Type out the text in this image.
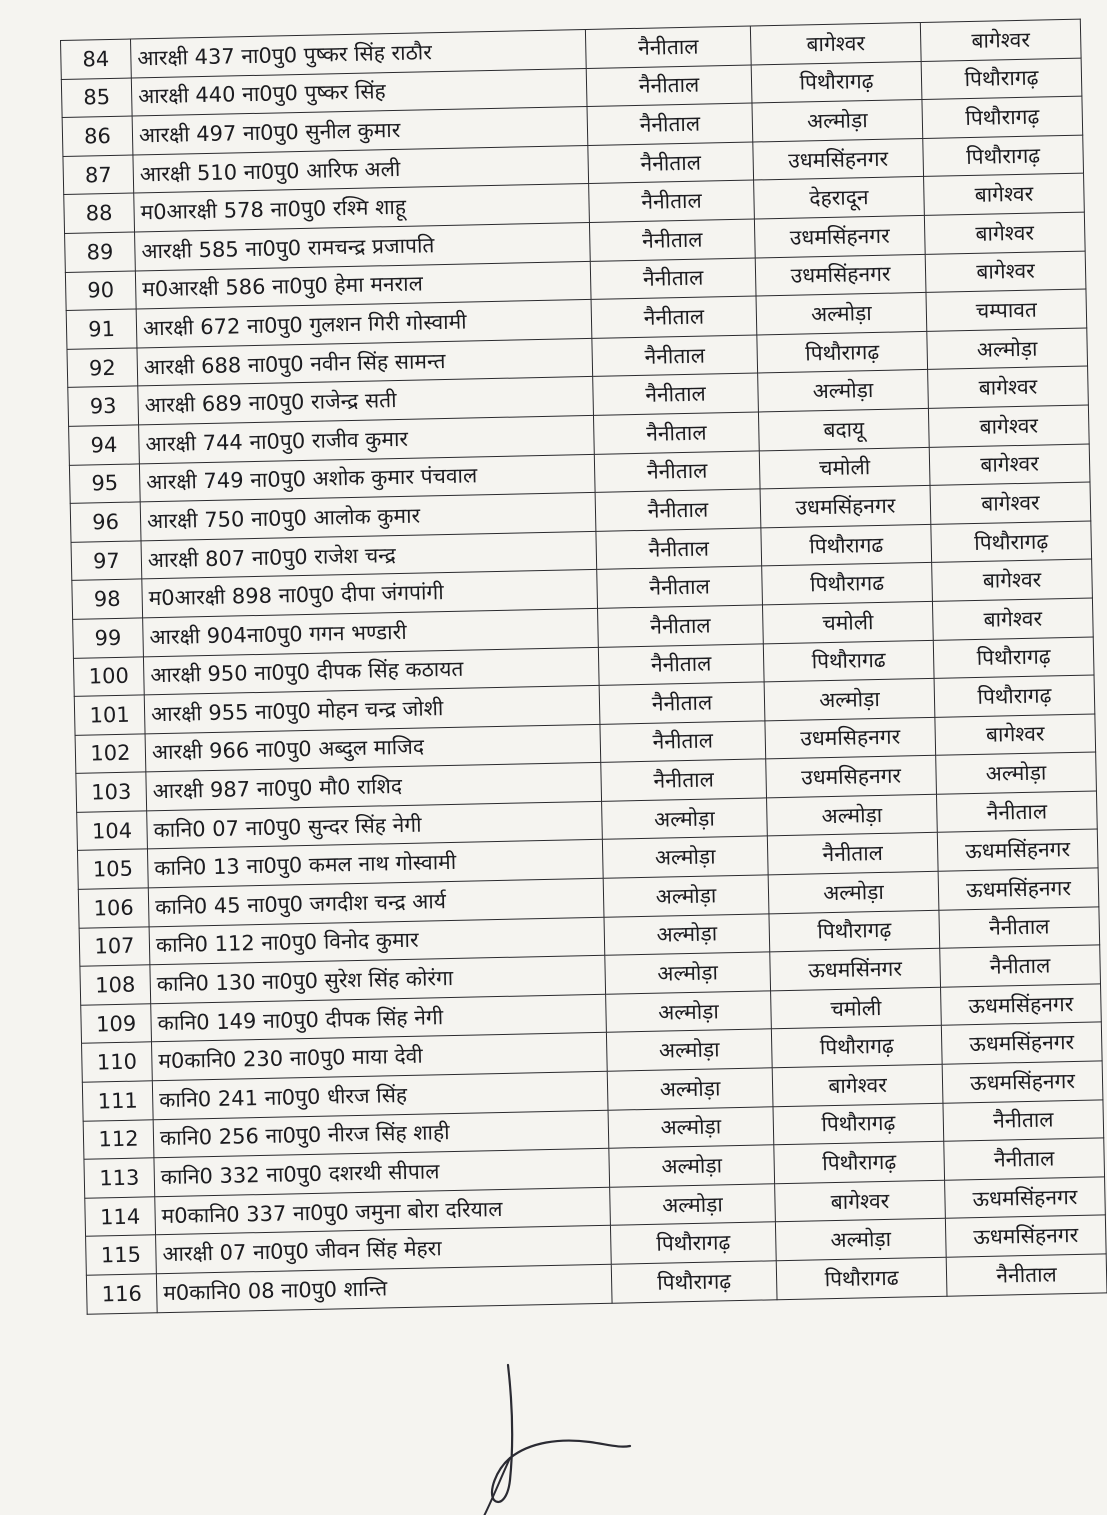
84	आरक्षी 437 ना0पु0 पुष्कर सिंह राठौर	नैनीताल	बागेश्वर	बागेश्वर
85	आरक्षी 440 ना0पु0 पुष्कर सिंह	नैनीताल	पिथौरागढ़	पिथौरागढ़
86	आरक्षी 497 ना0पु0 सुनील कुमार	नैनीताल	अल्मोड़ा	पिथौरागढ़
87	आरक्षी 510 ना0पु0 आरिफ अली	नैनीताल	उधमसिंहनगर	पिथौरागढ़
88	म0आरक्षी 578 ना0पु0 रश्मि शाहू	नैनीताल	देहरादून	बागेश्वर
89	आरक्षी 585 ना0पु0 रामचन्द्र प्रजापति	नैनीताल	उधमसिंहनगर	बागेश्वर
90	म0आरक्षी 586 ना0पु0 हेमा मनराल	नैनीताल	उधमसिंहनगर	बागेश्वर
91	आरक्षी 672 ना0पु0 गुलशन गिरी गोस्वामी	नैनीताल	अल्मोड़ा	चम्पावत
92	आरक्षी 688 ना0पु0 नवीन सिंह सामन्त	नैनीताल	पिथौरागढ़	अल्मोड़ा
93	आरक्षी 689 ना0पु0 राजेन्द्र सती	नैनीताल	अल्मोड़ा	बागेश्वर
94	आरक्षी 744 ना0पु0 राजीव कुमार	नैनीताल	बदायू	बागेश्वर
95	आरक्षी 749 ना0पु0 अशोक कुमार पंचवाल	नैनीताल	चमोली	बागेश्वर
96	आरक्षी 750 ना0पु0 आलोक कुमार	नैनीताल	उधमसिंहनगर	बागेश्वर
97	आरक्षी 807 ना0पु0 राजेश चन्द्र	नैनीताल	पिथौरागढ	पिथौरागढ़
98	म0आरक्षी 898 ना0पु0 दीपा जंगपांगी	नैनीताल	पिथौरागढ	बागेश्वर
99	आरक्षी 904ना0पु0 गगन भण्डारी	नैनीताल	चमोली	बागेश्वर
100	आरक्षी 950 ना0पु0 दीपक सिंह कठायत	नैनीताल	पिथौरागढ	पिथौरागढ़
101	आरक्षी 955 ना0पु0 मोहन चन्द्र जोशी	नैनीताल	अल्मोड़ा	पिथौरागढ़
102	आरक्षी 966 ना0पु0 अब्दुल माजिद	नैनीताल	उधमसिहनगर	बागेश्वर
103	आरक्षी 987 ना0पु0 मौ0 राशिद	नैनीताल	उधमसिहनगर	अल्मोड़ा
104	कानि0 07 ना0पु0 सुन्दर सिंह नेगी	अल्मोड़ा	अल्मोड़ा	नैनीताल
105	कानि0 13 ना0पु0 कमल नाथ गोस्वामी	अल्मोड़ा	नैनीताल	ऊधमसिंहनगर
106	कानि0 45 ना0पु0 जगदीश चन्द्र आर्य	अल्मोड़ा	अल्मोड़ा	ऊधमसिंहनगर
107	कानि0 112 ना0पु0 विनोद कुमार	अल्मोड़ा	पिथौरागढ़	नैनीताल
108	कानि0 130 ना0पु0 सुरेश सिंह कोरंगा	अल्मोड़ा	ऊधमसिंनगर	नैनीताल
109	कानि0 149 ना0पु0 दीपक सिंह नेगी	अल्मोड़ा	चमोली	ऊधमसिंहनगर
110	म0कानि0 230 ना0पु0 माया देवी	अल्मोड़ा	पिथौरागढ़	ऊधमसिंहनगर
111	कानि0 241 ना0पु0 धीरज सिंह	अल्मोड़ा	बागेश्वर	ऊधमसिंहनगर
112	कानि0 256 ना0पु0 नीरज सिंह शाही	अल्मोड़ा	पिथौरागढ़	नैनीताल
113	कानि0 332 ना0पु0 दशरथी सीपाल	अल्मोड़ा	पिथौरागढ़	नैनीताल
114	म0कानि0 337 ना0पु0 जमुना बोरा दरियाल	अल्मोड़ा	बागेश्वर	ऊधमसिंहनगर
115	आरक्षी 07 ना0पु0 जीवन सिंह मेहरा	पिथौरागढ़	अल्मोड़ा	ऊधमसिंहनगर
116	म0कानि0 08 ना0पु0 शान्ति	पिथौरागढ़	पिथौरागढ	नैनीताल
